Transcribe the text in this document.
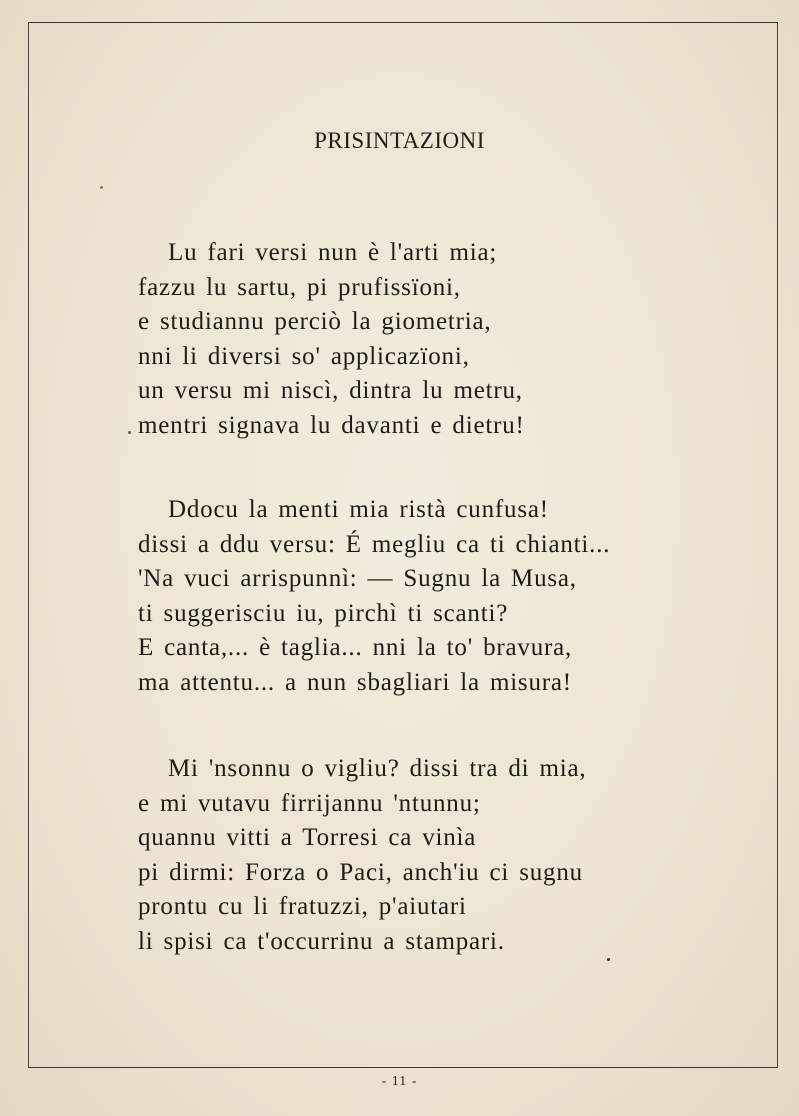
PRISINTAZIONI
Lu fari versi nun è l'arti mia;
fazzu lu sartu, pi prufissïoni,
e studiannu perciò la giometria,
nni li diversi so' applicazïoni,
un versu mi niscì, dintra lu metru,
mentri signava lu davanti e dietru!
Ddocu la menti mia ristà cunfusa!
dissi a ddu versu: É megliu ca ti chianti...
'Na vuci arrispunnì: — Sugnu la Musa,
ti suggerisciu iu, pirchì ti scanti?
E canta,... è taglia... nni la to' bravura,
ma attentu... a nun sbagliari la misura!
Mi 'nsonnu o vigliu? dissi tra di mia,
e mi vutavu firrijannu 'ntunnu;
quannu vitti a Torresi ca vinìa
pi dirmi: Forza o Paci, anch'iu ci sugnu
prontu cu li fratuzzi, p'aiutari
li spisi ca t'occurrinu a stampari.
- 11 -
